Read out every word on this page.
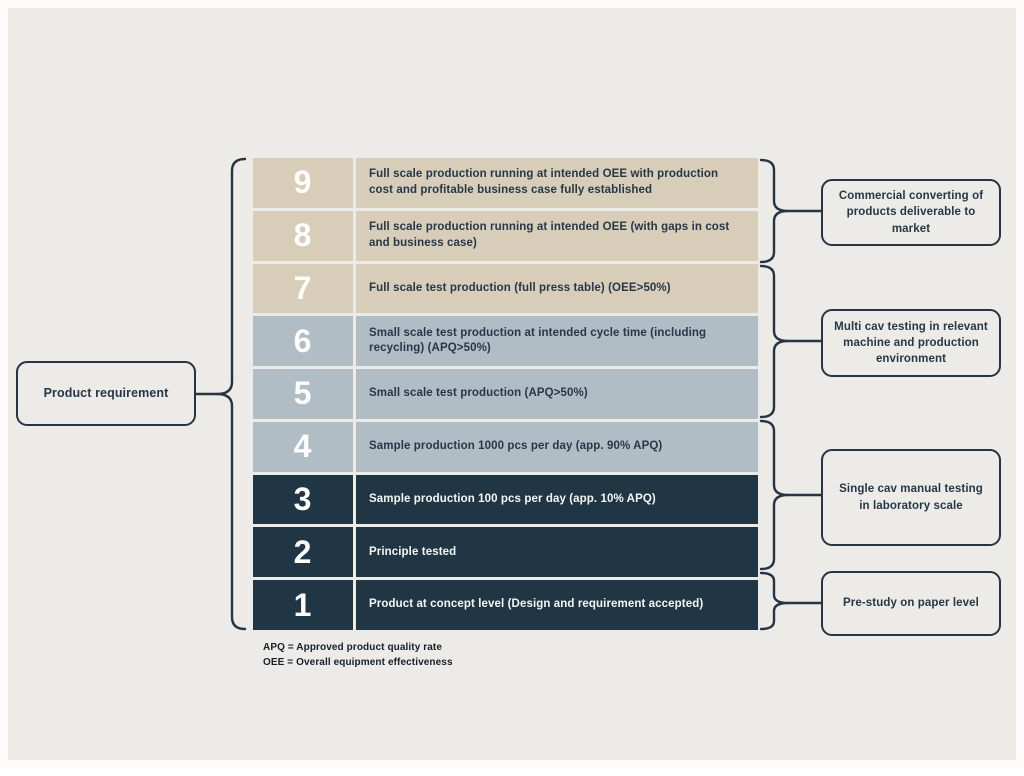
Product requirement
9	Full scale production running at intended OEE with production cost and profitable business case fully established
8	Full scale production running at intended OEE (with gaps in cost and business case)
7	Full scale test production (full press table) (OEE>50%)
6	Small scale test production at intended cycle time (including recycling) (APQ>50%)
5	Small scale test production (APQ>50%)
4	Sample production 1000 pcs per day (app. 90% APQ)
3	Sample production 100 pcs per day (app. 10% APQ)
2	Principle tested
1	Product at concept level (Design and requirement accepted)
Commercial converting of products deliverable to market
Multi cav testing in relevant machine and production environment
Single cav manual testing in laboratory scale
Pre-study on paper level
APQ = Approved product quality rate
OEE = Overall equipment effectiveness
